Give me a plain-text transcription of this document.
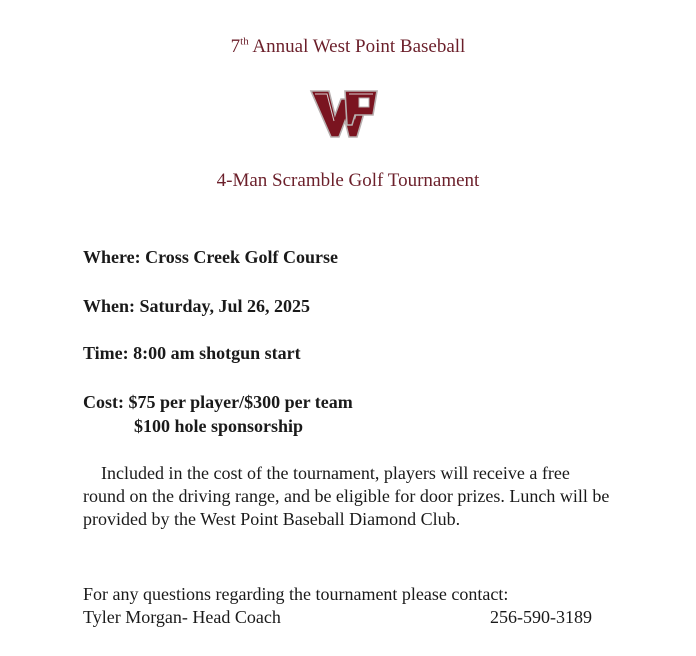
7th Annual West Point Baseball
4-Man Scramble Golf Tournament
Where: Cross Creek Golf Course
When: Saturday, Jul 26, 2025
Time: 8:00 am shotgun start
Cost: $75 per player/$300 per team
$100 hole sponsorship

Included in the cost of the tournament, players will receive a free round on the driving range, and be eligible for door prizes. Lunch will be provided by the West Point Baseball Diamond Club.

For any questions regarding the tournament please contact:
Tyler Morgan- Head Coach	256-590-3189
